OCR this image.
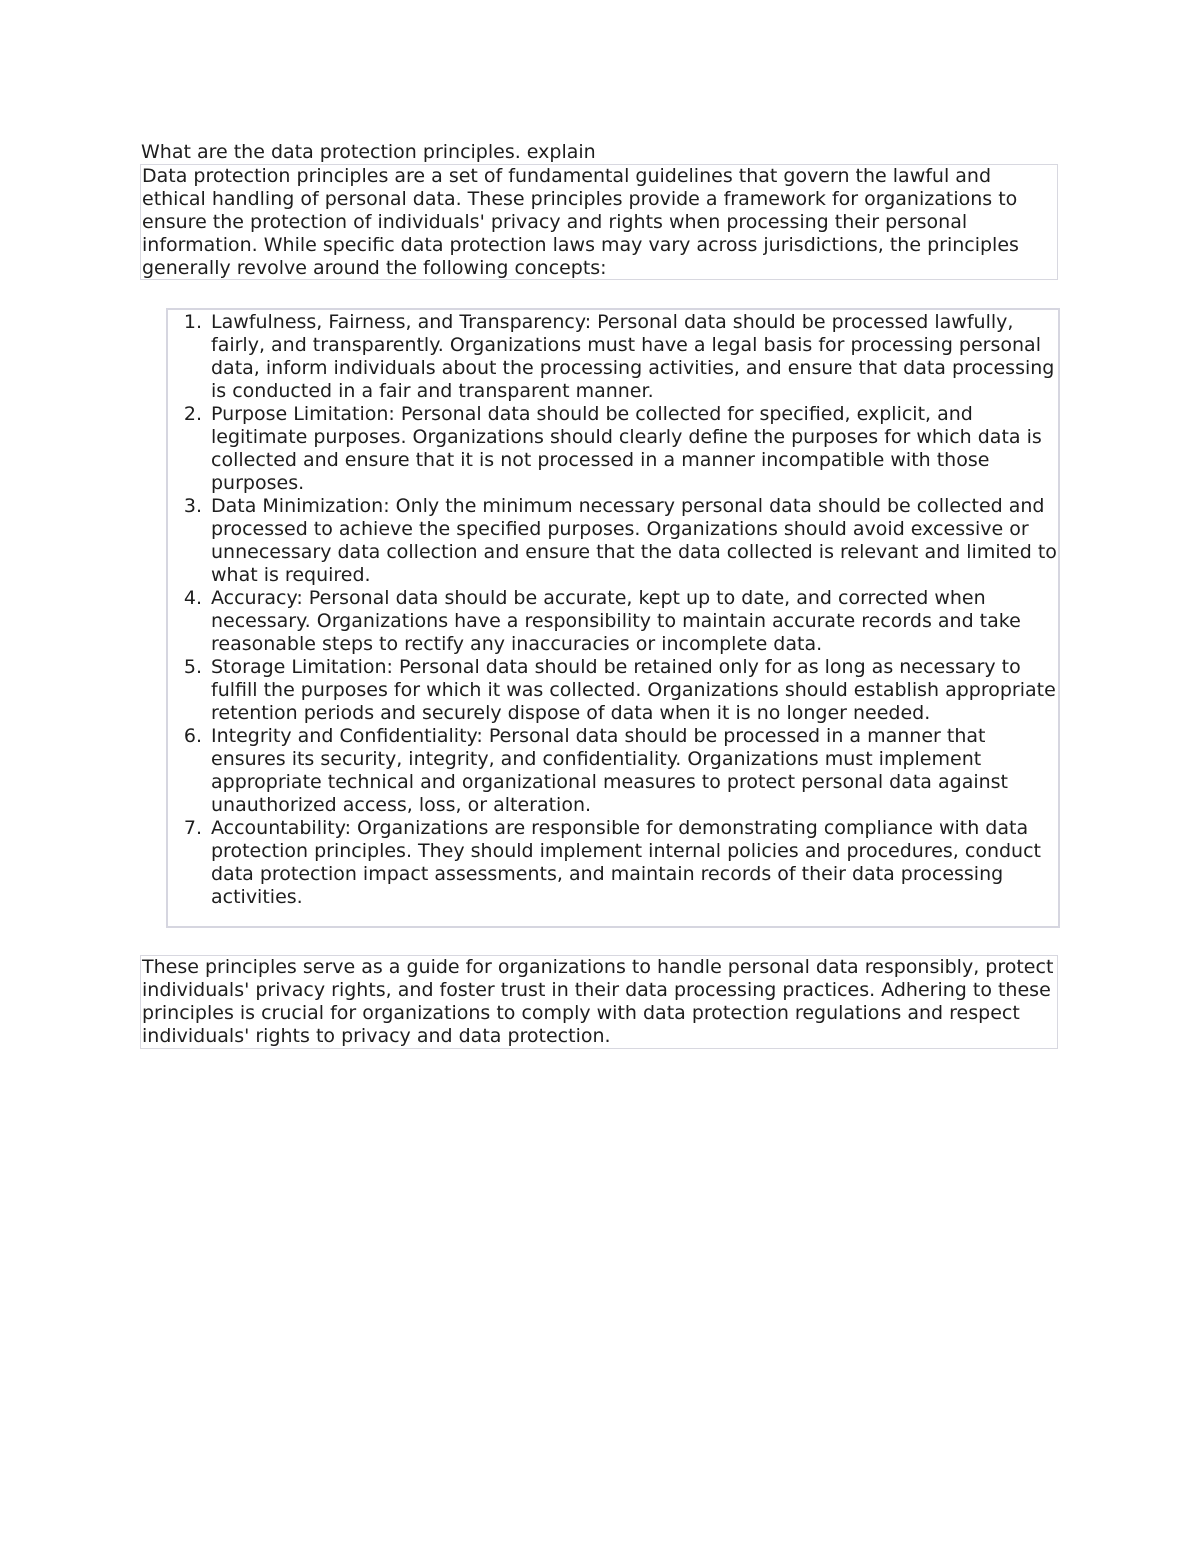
What are the data protection principles. explain

Data protection principles are a set of fundamental guidelines that govern the lawful and ethical handling of personal data. These principles provide a framework for organizations to ensure the protection of individuals' privacy and rights when processing their personal information. While specific data protection laws may vary across jurisdictions, the principles generally revolve around the following concepts:

1. Lawfulness, Fairness, and Transparency: Personal data should be processed lawfully, fairly, and transparently. Organizations must have a legal basis for processing personal data, inform individuals about the processing activities, and ensure that data processing is conducted in a fair and transparent manner.
2. Purpose Limitation: Personal data should be collected for specified, explicit, and legitimate purposes. Organizations should clearly define the purposes for which data is collected and ensure that it is not processed in a manner incompatible with those purposes.
3. Data Minimization: Only the minimum necessary personal data should be collected and processed to achieve the specified purposes. Organizations should avoid excessive or unnecessary data collection and ensure that the data collected is relevant and limited to what is required.
4. Accuracy: Personal data should be accurate, kept up to date, and corrected when necessary. Organizations have a responsibility to maintain accurate records and take reasonable steps to rectify any inaccuracies or incomplete data.
5. Storage Limitation: Personal data should be retained only for as long as necessary to fulfill the purposes for which it was collected. Organizations should establish appropriate retention periods and securely dispose of data when it is no longer needed.
6. Integrity and Confidentiality: Personal data should be processed in a manner that ensures its security, integrity, and confidentiality. Organizations must implement appropriate technical and organizational measures to protect personal data against unauthorized access, loss, or alteration.
7. Accountability: Organizations are responsible for demonstrating compliance with data protection principles. They should implement internal policies and procedures, conduct data protection impact assessments, and maintain records of their data processing activities.

These principles serve as a guide for organizations to handle personal data responsibly, protect individuals' privacy rights, and foster trust in their data processing practices. Adhering to these principles is crucial for organizations to comply with data protection regulations and respect individuals' rights to privacy and data protection.
